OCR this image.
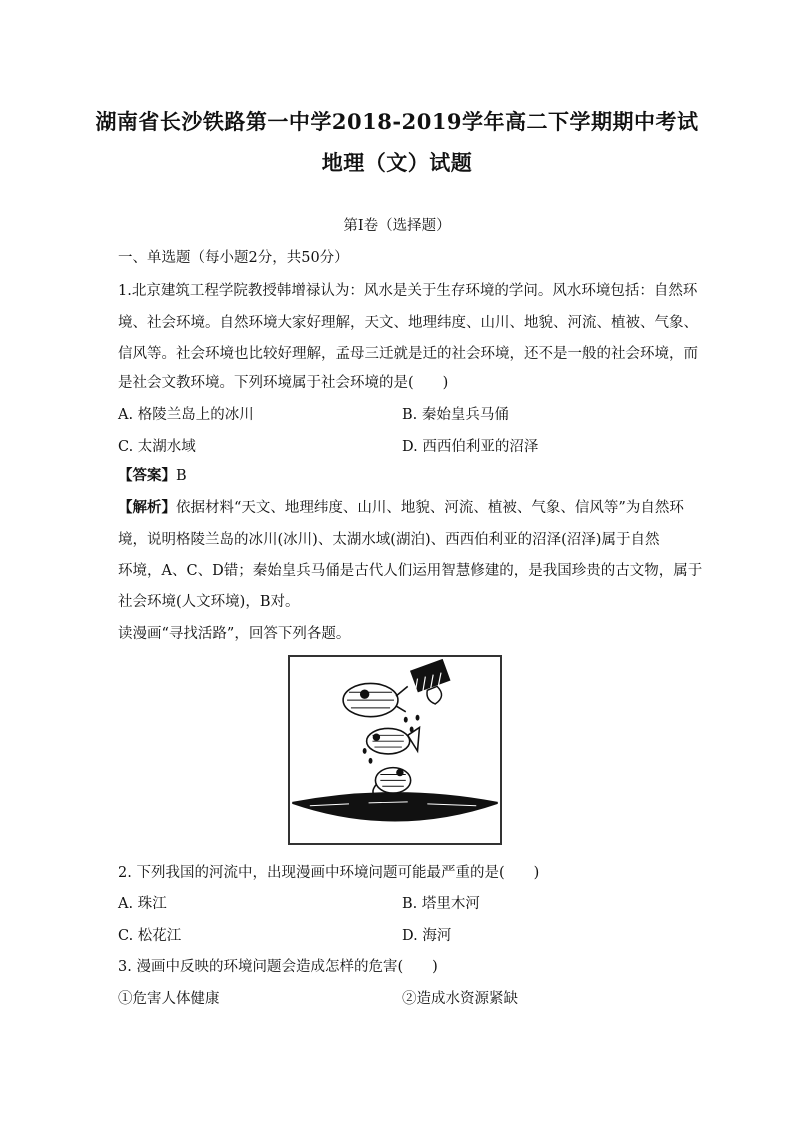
湖南省长沙铁路第一中学2018-2019学年高二下学期期中考试
地理（文）试题
第Ⅰ卷（选择题）
一、单选题（每小题2分，共50分）
1.北京建筑工程学院教授韩增禄认为：风水是关于生存环境的学问。风水环境包括：自然环
境、社会环境。自然环境大家好理解，天文、地理纬度、山川、地貌、河流、植被、气象、
信风等。社会环境也比较好理解，孟母三迁就是迁的社会环境，还不是一般的社会环境，而
是社会文教环境。下列环境属于社会环境的是(　　)
A. 格陵兰岛上的冰川	B. 秦始皇兵马俑
C. 太湖水域	D. 西西伯利亚的沼泽
【答案】B
【解析】依据材料“天文、地理纬度、山川、地貌、河流、植被、气象、信风等”为自然环
境，说明格陵兰岛的冰川(冰川)、太湖水域(湖泊)、西西伯利亚的沼泽(沼泽)属于自然
环境，A、C、D错；秦始皇兵马俑是古代人们运用智慧修建的，是我国珍贵的古文物，属于
社会环境(人文环境)，B对。
读漫画“寻找活路”，回答下列各题。
2. 下列我国的河流中，出现漫画中环境问题可能最严重的是(　　)
A. 珠江	B. 塔里木河
C. 松花江	D. 海河
3. 漫画中反映的环境问题会造成怎样的危害(　　)
①危害人体健康	②造成水资源紧缺
